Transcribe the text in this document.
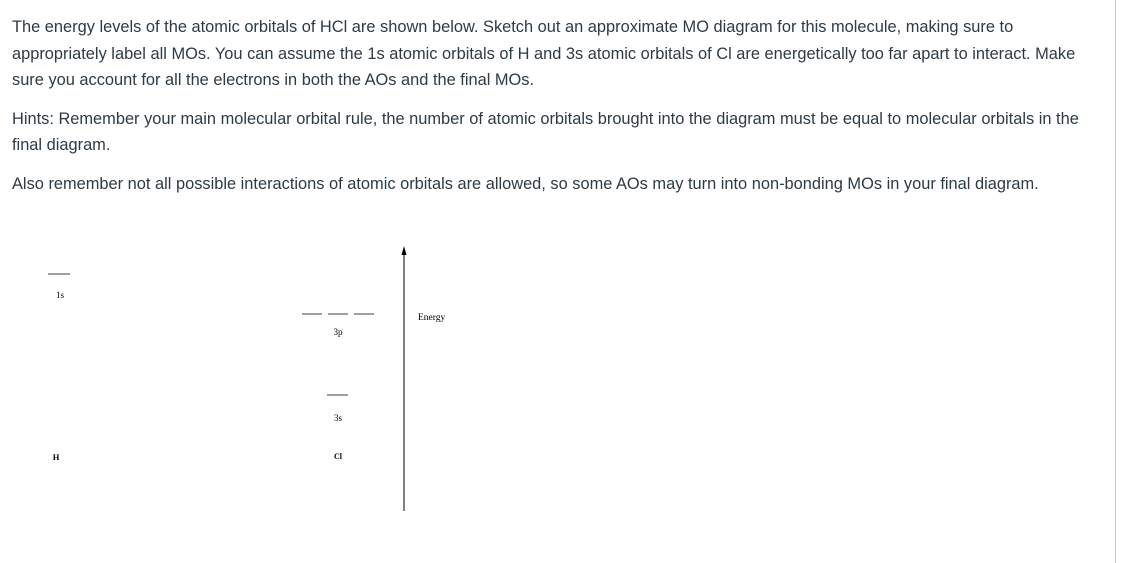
The energy levels of the atomic orbitals of HCl are shown below. Sketch out an approximate MO diagram for this molecule, making sure to appropriately label all MOs. You can assume the 1s atomic orbitals of H and 3s atomic orbitals of Cl are energetically too far apart to interact. Make sure you account for all the electrons in both the AOs and the final MOs.

Hints: Remember your main molecular orbital rule, the number of atomic orbitals brought into the diagram must be equal to molecular orbitals in the final diagram.

Also remember not all possible interactions of atomic orbitals are allowed, so some AOs may turn into non-bonding MOs in your final diagram.

1s
H
3p
3s
Cl
Energy
